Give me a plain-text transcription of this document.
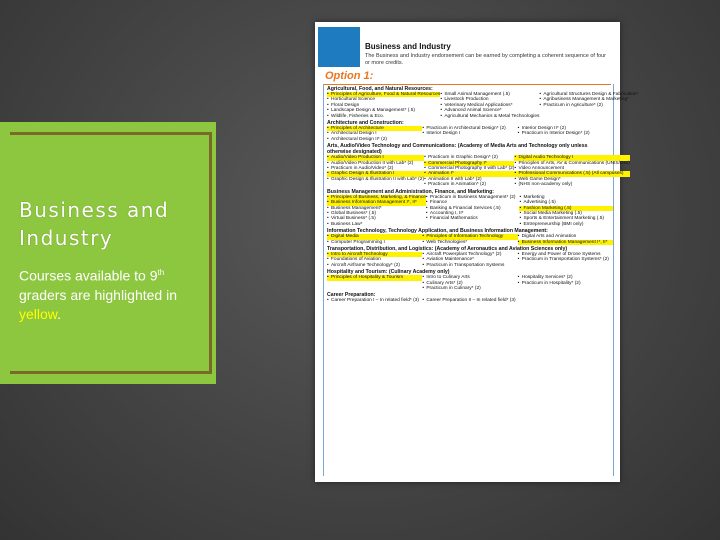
Business and Industry
Courses available to 9th graders are highlighted in yellow.
Business and Industry
The Business and Industry endorsement can be earned by completing a coherent sequence of four or more credits.
Option 1:
Agricultural, Food, and Natural Resources:
• Principles of Agriculture, Food & Natural Resources
• Horticultural Science
• Floral Design
• Landscape Design & Management* (.5)
• Wildlife, Fisheries & Eco.
• Small Animal Management (.5)
• Livestock Production
• Veterinary Medical Applications*
• Advanced Animal Science*
• Agricultural Mechanics & Metal Technologies
• Agricultural Structures Design & Fabrication*
• Agribusiness Management & Marketing*
• Practicum in Agriculture* (2)
Architecture and Construction:
• Principles of Architecture
• Architectural Design I
• Architectural Design II* (2)
• Practicum in Architectural Design* (2)
• Interior Design I
• Interior Design II* (2)
• Practicum in Interior Design* (2)
Arts, Audio/Video Technology and Communications: (Academy of Media Arts and Technology only unless otherwise designated)
• Audio/Video Production I
• Audio/Video Production II with Lab* (2)
• Practicum in Audio/Video* (2)
• Graphic Design & Illustration I
• Graphic Design & Illustration II with Lab* (2)
• Practicum in Graphic Design* (2)
• Commercial Photography I*
• Commercial Photography II with Lab* (2)
• Animation I*
• Animation II with Lab* (2)
• Practicum in Animation* (2)
• Digital Audio Technology I
• Principles of Arts, AV & Communications (UNIS/OIS)
• Video Announcement
• Professional Communications (.5) (All campuses)
• Web Game Design*
• (NHS non-academy only)
Business Management and Administration, Finance, and Marketing:
• Principles of Business, Marketing, & Finance
• Business Information Management I*, II*
• Business Management*
• Global Business* (.5)
• Virtual Business* (.5)
• Business Law*
• Practicum in Business Management* (2)
• Finance
• Banking & Financial Services (.5)
• Accounting I, II*
• Financial Mathematics
• Marketing
• Advertising (.5)
• Fashion Marketing (.5)
• Social Media Marketing (.5)
• Sports & Entertainment Marketing (.5)
• Entrepreneurship (BMI only)
Information Technology, Technology Application, and Business Information Management:
• Digital Media
• Computer Programming I
• Principles of Information Technology
• Web Technologies*
• Digital Arts and Animation
• Business Information Management I*, II*
Transportation, Distribution, and Logistics: (Academy of Aeronautics and Aviation Sciences only)
• Intro to Aircraft Technology
• Foundations of Aviation
• Aircraft Airframe Technology* (2)
• Aircraft Powerplant Technology* (2)
• Aviation Maintenance*
• Practicum in Transportation Systems
• Energy and Power of Drone Systems
• Practicum in Transportation Systems* (2)
Hospitality and Tourism: (Culinary Academy only)
• Principles of Hospitality & Tourism	• Intro to Culinary Arts
• Culinary Arts* (2)
• Practicum in Culinary* (2)
• Hospitality Services* (2)
• Practicum in Hospitality* (2)
Career Preparation:
• Career Preparation I – In related field* (3)	• Career Preparation II – In related field* (3)
